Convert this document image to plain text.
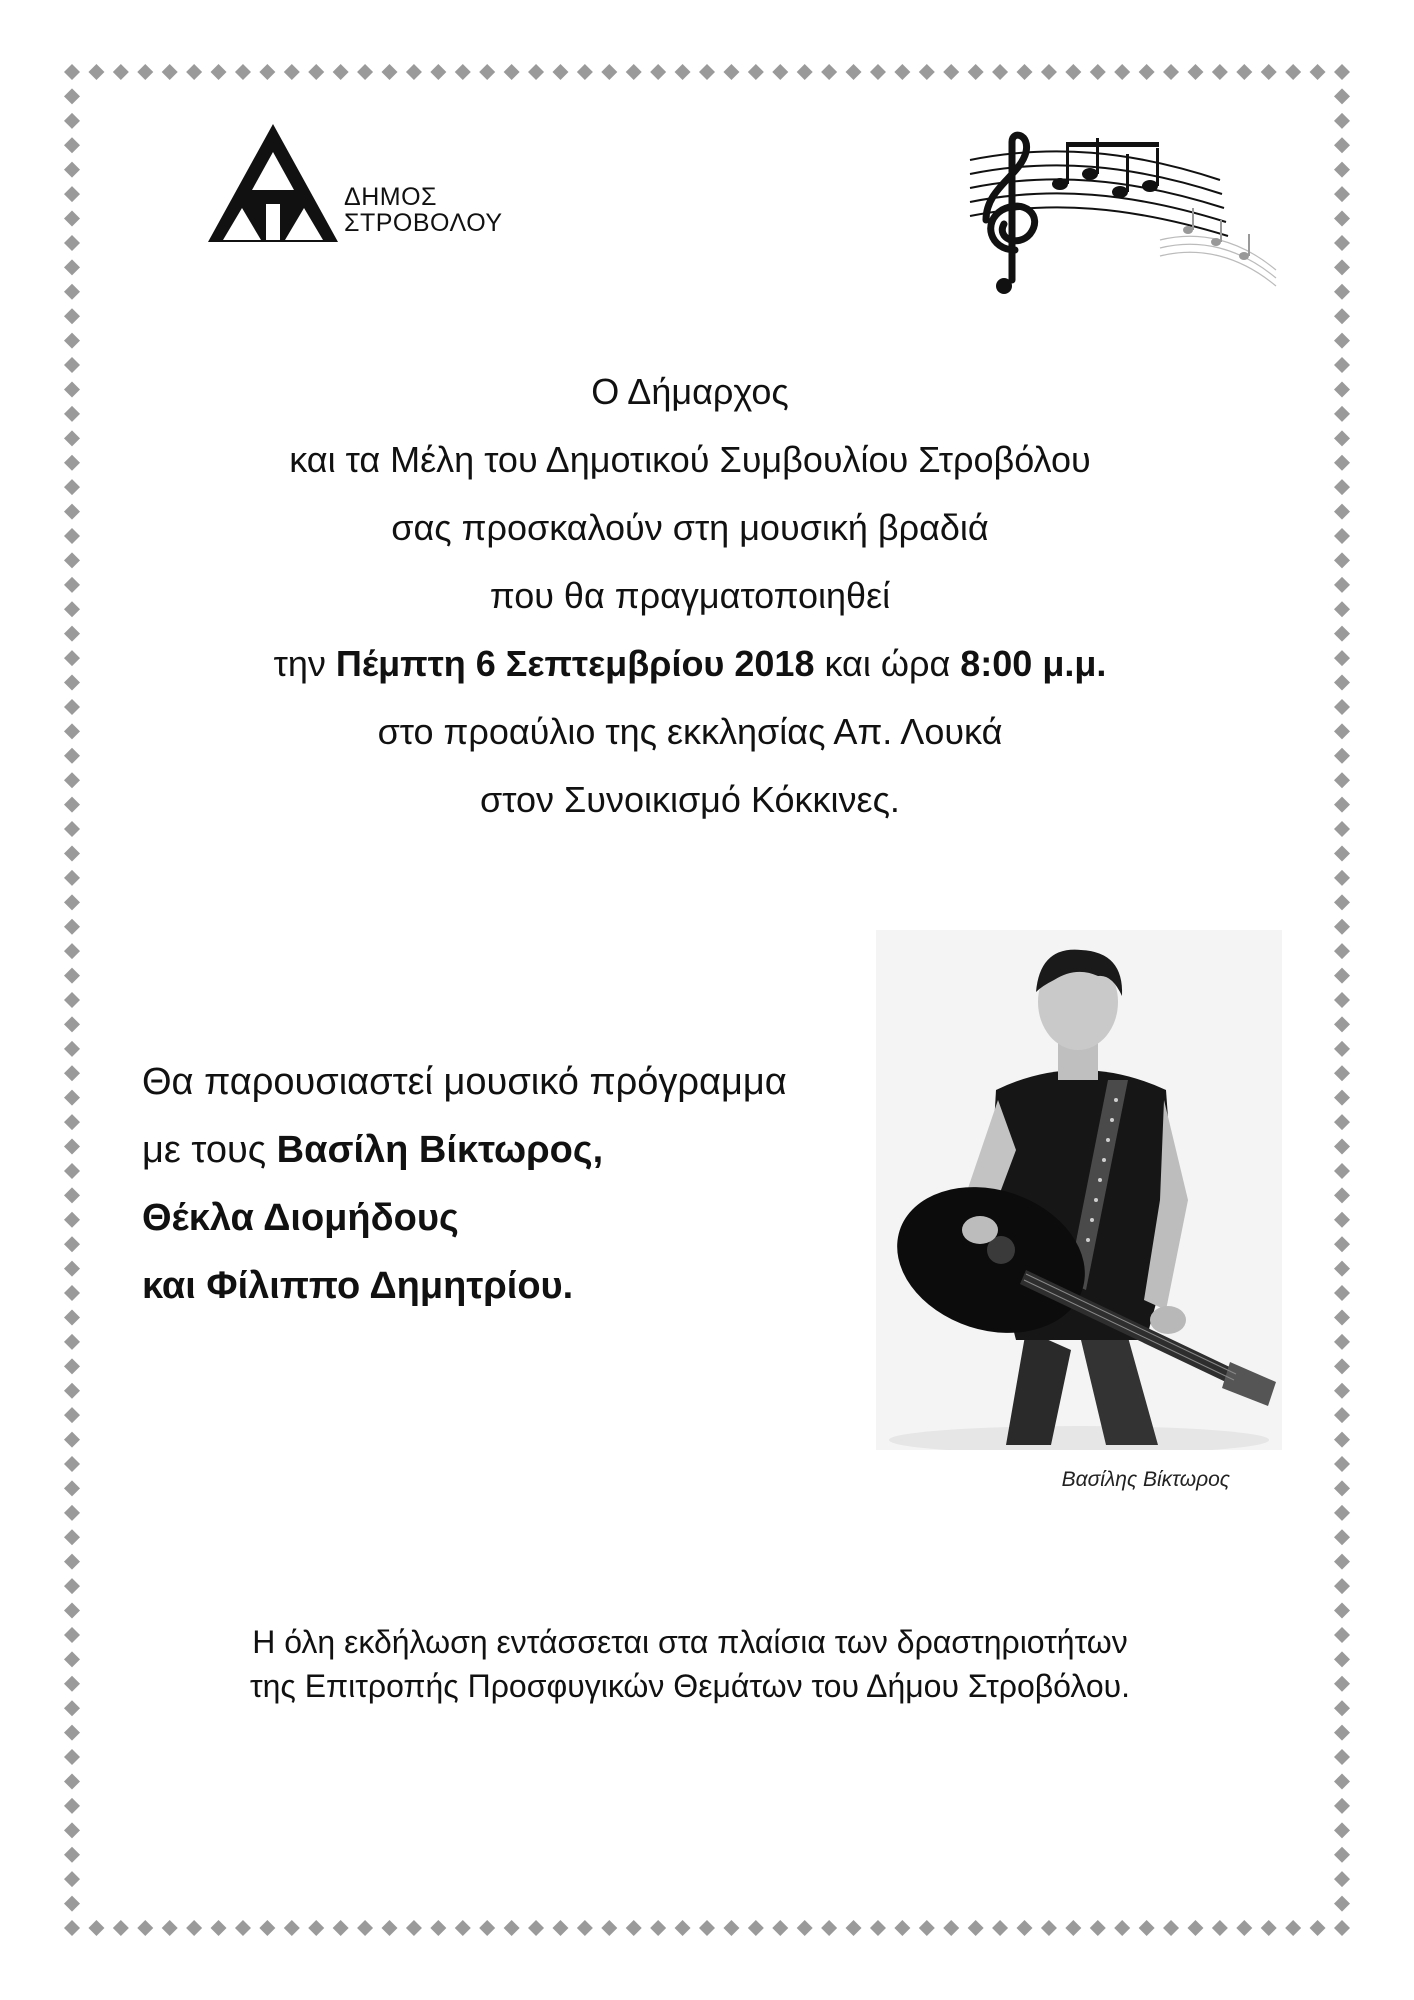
ΔΗΜΟΣ
ΣΤΡΟΒΟΛΟΥ
Ο Δήμαρχος
και τα Μέλη του Δημοτικού Συμβουλίου Στροβόλου
σας προσκαλούν στη μουσική βραδιά
που θα πραγματοποιηθεί
την Πέμπτη 6 Σεπτεμβρίου 2018 και ώρα 8:00 μ.μ.
στο προαύλιο της εκκλησίας Απ. Λουκά
στον Συνοικισμό Κόκκινες.
Θα παρουσιαστεί μουσικό πρόγραμμα
με τους Βασίλη Βίκτωρος,
Θέκλα Διομήδους
και Φίλιππο Δημητρίου.
Βασίλης Βίκτωρος
Η όλη εκδήλωση εντάσσεται στα πλαίσια των δραστηριοτήτων
της Επιτροπής Προσφυγικών Θεμάτων του Δήμου Στροβόλου.
